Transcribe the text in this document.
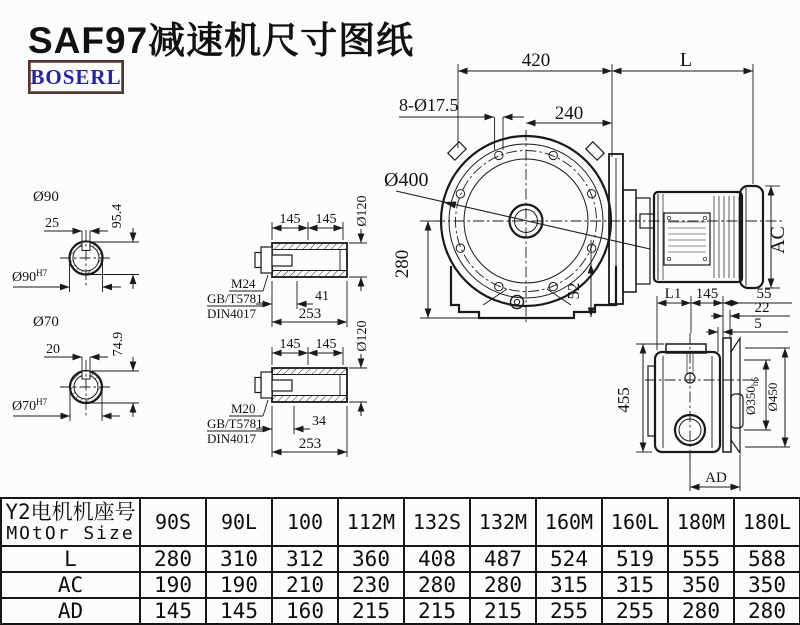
SAF97减速机尺寸图纸
BOSERL
420	L
8-Ø17.5	240
Ø400
280
52
AC
L1 145	55
22
5
455	$Ø350_{h6}$
Ø450
AD
145 145 Ø120
M24
GB/T5781
DIN4017
41
253
145 145 Ø120
M20
GB/T5781
DIN4017
34
253
Ø90
25	95.4
$Ø90^{H7}$
Ø70
20	74.9
$Ø70^{H7}$
Y2电机机座号
MOtOr Size	90S	90L	100	112M	132S	132M	160M	160L	180M	180L
L	280	310	312	360	408	487	524	519	555	588
AC	190	190	210	230	280	280	315	315	350	350
AD	145	145	160	215	215	215	255	255	280	280
